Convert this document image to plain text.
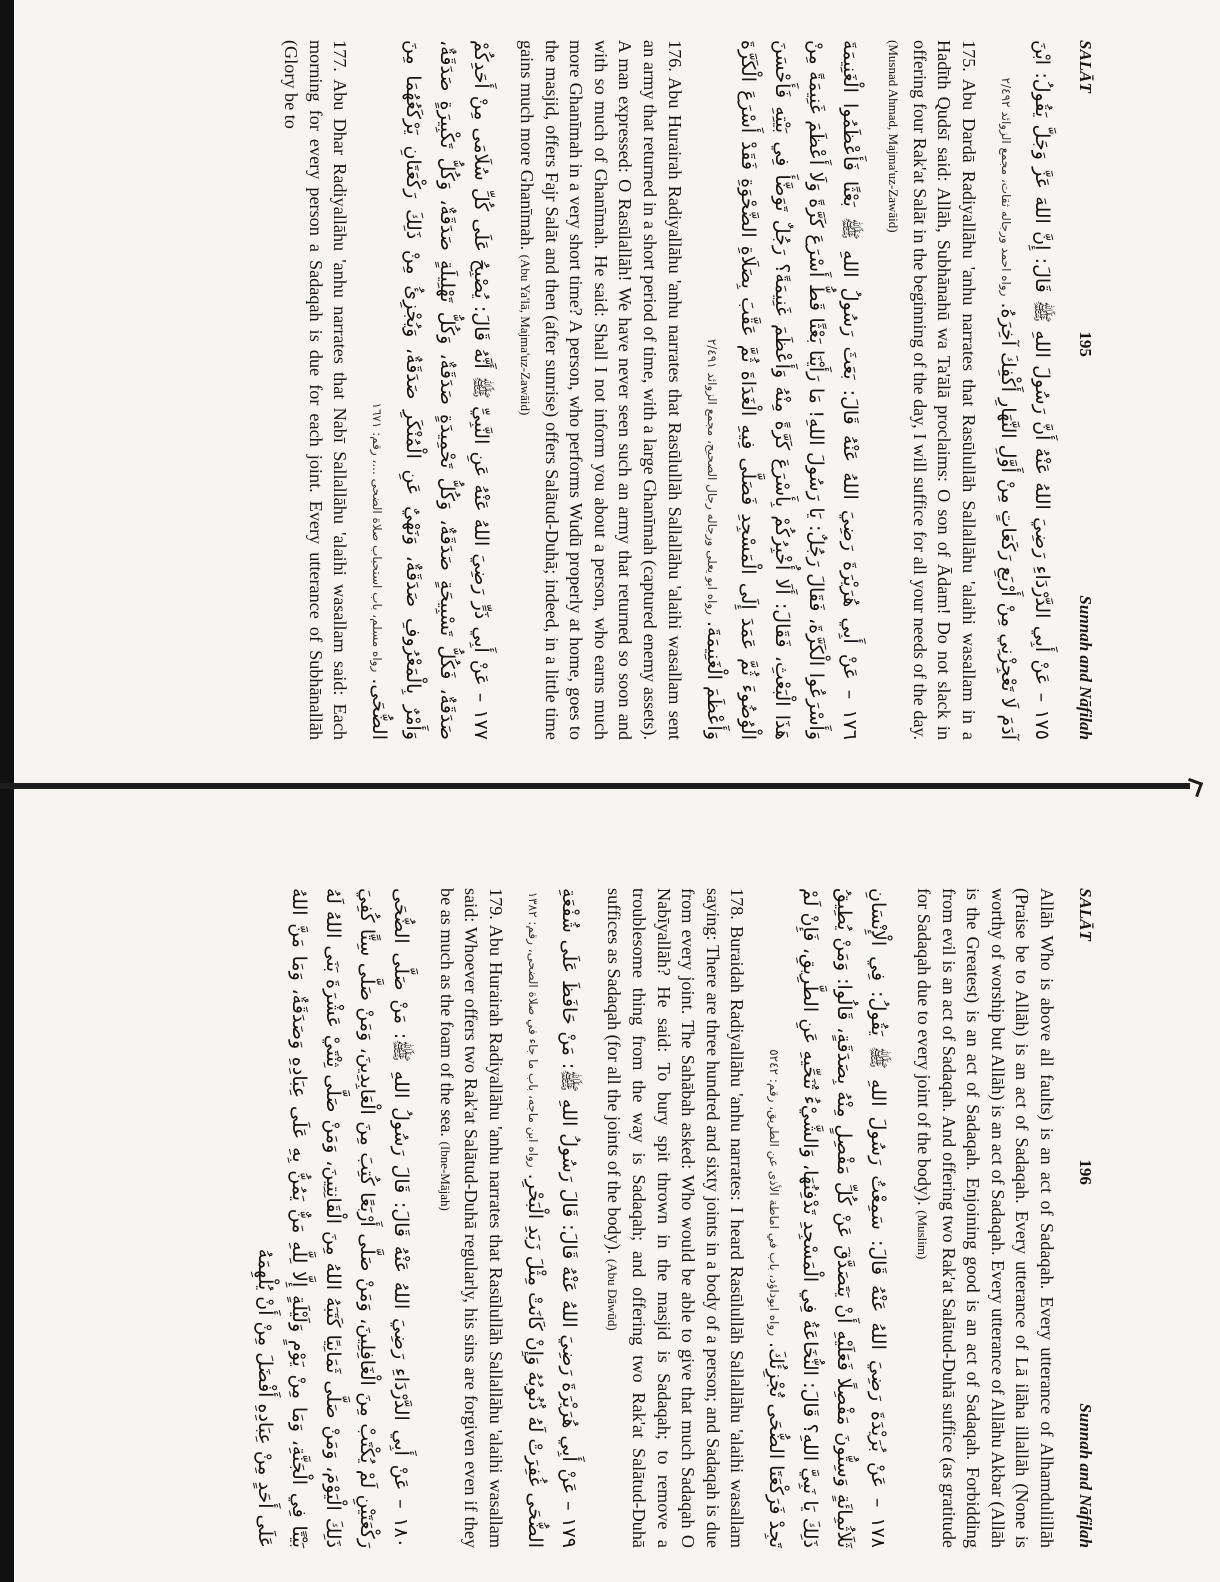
SALĀT
195
Sunnah and Nāfilah

١٧٥ – عَنْ أَبِي الدَّرْدَاءِ رَضِيَ اللهُ عَنْهُ أَنَّ رَسُولَ اللهِ ﷺ قَالَ: إِنَّ اللهَ عَزَّ وَجَلَّ يَقُولُ: ابْنَ آدَمَ لَا تَعْجِزْنِي مِنْ أَرْبَعِ رَكَعَاتٍ مِنْ أَوَّلِ النَّهَارِ أَكْفِكَ آخِرَهُ. رواه احمد ورجاله ثقات، مجمع الزوائد ٢/٤٩٢

175. Abu Dardā Radiyallāhu 'anhu narrates that Rasūlullāh Sallallāhu 'alaihi wasallam in a Hadīth Qudsī said: Allāh, Subhānahū wa Ta'ālā proclaims: O son of Ādam! Do not slack in offering four Rak'at Salāt in the beginning of the day, I will suffice for all your needs of the day. (Musnad Ahmad, Majma'uz-Zawāid)

١٧٦ – عَنْ أَبِي هُرَيْرَةَ رَضِيَ اللهُ عَنْهُ قَالَ: بَعَثَ رَسُولُ اللهِ ﷺ بَعْثًا فَأَعْظَمُوا الْغَنِيمَةَ وَأَسْرَعُوا الْكَرَّةَ، فَقَالَ رَجُلٌ: يَا رَسُولَ اللهِ! مَا رَأَيْنَا بَعْثًا قَطُّ أَسْرَعَ كَرَّةً وَلَا أَعْظَمَ غَنِيمَةً مِنْ هَذَا الْبَعْثِ، فَقَالَ: أَلَا أُخْبِرُكُمْ بِأَسْرَعَ كَرَّةً مِنْهُ وَأَعْظَمَ غَنِيمَةً؟ رَجُلٌ تَوَضَّأَ فِي بَيْتِهِ فَأَحْسَنَ الْوُضُوءَ ثُمَّ عَمَدَ إِلَى الْمَسْجِدِ فَصَلَّى فِيهِ الْغَدَاةَ ثُمَّ عَقَّبَ بِصَلَاةِ الضَّحْوَةِ فَقَدْ أَسْرَعَ الْكَرَّةَ وَأَعْظَمَ الْغَنِيمَةَ. رواه ابو يعلى ورجاله رجال الصحيح، مجمع الزوائد ٢/٤٩١

176. Abu Hurairah Radiyallāhu 'anhu narrates that Rasūlullāh Sallallāhu 'alaihi wasallam sent an army that returned in a short period of time, with a large Ghanīmah (captured enemy assets). A man expressed: O Rasūlallāh! We have never seen such an army that returned so soon and with so much of Ghanīmah. He said: Shall I not inform you about a person, who earns much more Ghanīmah in a very short time? A person, who performs Wudū properly at home, goes to the masjid, offers Fajr Salāt and then (after sunrise) offers Salātud-Duhā; indeed, in a little time gains much more Ghanīmah. (Abu Ya'lā, Majma'uz-Zawāid)

١٧٧ – عَنْ أَبِي ذَرٍّ رَضِيَ اللهُ عَنْهُ عَنِ النَّبِيِّ ﷺ أَنَّهُ قَالَ: يُصْبِحُ عَلَى كُلِّ سُلَامَى مِنْ أَحَدِكُمْ صَدَقَةٌ، فَكُلُّ تَسْبِيحَةٍ صَدَقَةٌ، وَكُلُّ تَحْمِيدَةٍ صَدَقَةٌ، وَكُلُّ تَهْلِيلَةٍ صَدَقَةٌ، وَكُلُّ تَكْبِيرَةٍ صَدَقَةٌ، وَأَمْرٌ بِالْمَعْرُوفِ صَدَقَةٌ، وَنَهْيٌ عَنِ الْمُنْكَرِ صَدَقَةٌ، وَيُجْزِئُ مِنْ ذَلِكَ رَكْعَتَانِ يَرْكَعُهُمَا مِنَ الضُّحَى. رواه مسلم، باب استحباب صلاة الضحى ...، رقم: ١٦٧١

177. Abu Dhar Radiyallāhu 'anhu narrates that Nabī Sallallāhu 'alaihi wasallam said: Each morning for every person a Sadaqah is due for each joint. Every utterance of Subhānallāh (Glory be to

SALĀT
196
Sunnah and Nāfilah

Allāh Who is above all faults) is an act of Sadaqah. Every utterance of Alhamdulillāh (Praise be to Allāh) is an act of Sadaqah. Every utterance of Lā ilāha illallāh (None is worthy of worship but Allāh) is an act of Sadaqah. Every utterance of Allāhu Akbar (Allāh is the Greatest) is an act of Sadaqah. Enjoining good is an act of Sadaqah. Forbidding from evil is an act of Sadaqah. And offering two Rak'at Salātud-Duhā suffice (as gratitude for Sadaqah due to every joint of the body). (Muslim)

١٧٨ – عَنْ بُرَيْدَةَ رَضِيَ اللهُ عَنْهُ قَالَ: سَمِعْتُ رَسُولَ اللهِ ﷺ يَقُولُ: فِي الْإِنْسَانِ ثَلَاثُمِائَةٍ وَسِتُّونَ مَفْصِلًا فَعَلَيْهِ أَنْ يَتَصَدَّقَ عَنْ كُلِّ مَفْصِلٍ مِنْهُ بِصَدَقَةٍ، قَالُوا: وَمَنْ يُطِيقُ ذَلِكَ يَا نَبِيَّ اللهِ؟ قَالَ: النُّخَاعَةُ فِي الْمَسْجِدِ تَدْفِنُهَا، وَالشَّيْءُ تُنَحِّيهِ عَنِ الطَّرِيقِ، فَإِنْ لَمْ تَجِدْ فَرَكْعَتَا الضُّحَى تُجْزِئُكَ. رواه ابوداؤد، باب في اماطة الأذى عن الطريق، رقم: ٥٢٤٢

178. Buraidah Radiyallāhu 'anhu narrates: I heard Rasūlullāh Sallallāhu 'alaihi wasallam saying: There are three hundred and sixty joints in a body of a person; and Sadaqah is due from every joint. The Sahābah asked: Who would be able to give that much Sadaqah O Nabīyallāh? He said: To bury spit thrown in the masjid is Sadaqah; to remove a troublesome thing from the way is Sadaqah; and offering two Rak'at Salātud-Duhā suffices as Sadaqah (for all the joints of the body). (Abu Dāwūd)

١٧٩ – عَنْ أَبِي هُرَيْرَةَ رَضِيَ اللهُ عَنْهُ قَالَ: قَالَ رَسُولُ اللهِ ﷺ: مَنْ حَافَظَ عَلَى شُفْعَةِ الضُّحَى غُفِرَتْ لَهُ ذُنُوبُهُ وَإِنْ كَانَتْ مِثْلَ زَبَدِ الْبَحْرِ. رواه ابن ماجه، باب ما جاء في صلاة الضحى، رقم: ١٣٨٢

179. Abu Hurairah Radiyallāhu 'anhu narrates that Rasūlullāh Sallallāhu 'alaihi wasallam said: Whoever offers two Rak'at Salātud-Duhā regularly, his sins are forgiven even if they be as much as the foam of the sea. (Ibne-Mājah)

١٨٠ – عَنْ أَبِي الدَّرْدَاءِ رَضِيَ اللهُ عَنْهُ قَالَ: قَالَ رَسُولُ اللهِ ﷺ: مَنْ صَلَّى الضُّحَى رَكْعَتَيْنِ لَمْ يُكْتَبْ مِنَ الْغَافِلِينَ، وَمَنْ صَلَّى أَرْبَعًا كُتِبَ مِنَ الْعَابِدِينَ، وَمَنْ صَلَّى سِتًّا كُفِيَ ذَلِكَ الْيَوْمَ، وَمَنْ صَلَّى ثَمَانِيًا كَتَبَهُ اللهُ مِنَ الْقَانِتِينَ، وَمَنْ صَلَّى ثِنْتَيْ عَشْرَةَ بَنَى اللهُ لَهُ بَيْتًا فِي الْجَنَّةِ، وَمَا مِنْ يَوْمٍ وَلَيْلَةٍ إِلَّا لِلَّهِ مَنٌّ يَمُنُّ بِهِ عَلَى عِبَادِهِ وَصَدَقَةٌ، وَمَا مَنَّ اللهُ عَلَى أَحَدٍ مِنْ عِبَادِهِ أَفْضَلَ مِنْ أَنْ يُلْهِمَهُ
